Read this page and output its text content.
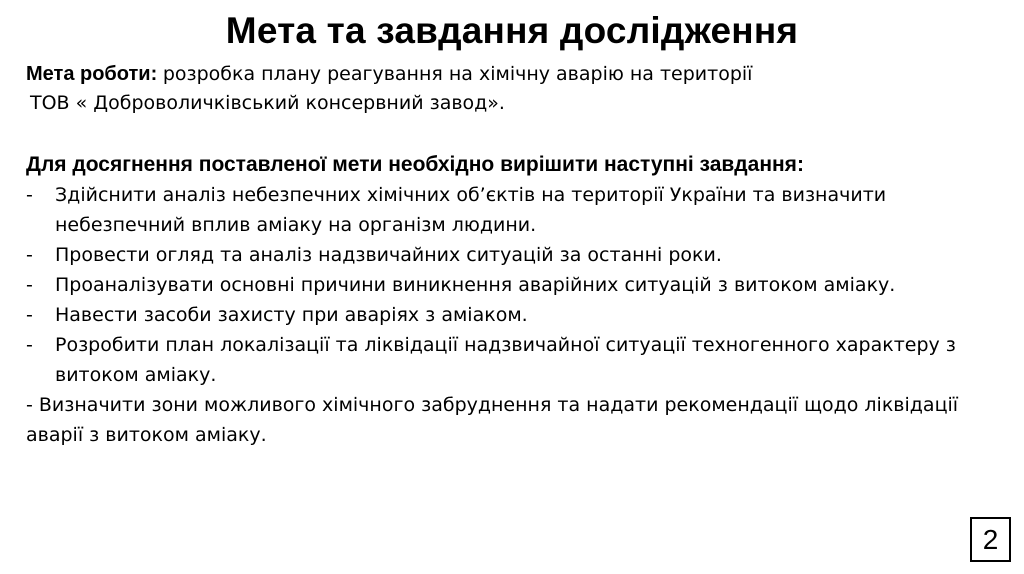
Мета та завдання дослідження
Мета роботи: розробка плану реагування на хімічну аварію на території
ТОВ « Доброволичківський консервний завод».
Для досягнення поставленої мети необхідно вирішити наступні завдання:
-	Здійснити аналіз небезпечних хімічних об’єктів на території України та визначити небезпечний вплив аміаку на організм людини.
-	Провести огляд та аналіз надзвичайних ситуацій за останні роки.
-	Проаналізувати основні причини виникнення аварійних ситуацій з витоком аміаку.
-	Навести засоби захисту при аваріях з аміаком.
-	Розробити план локалізації та ліквідації надзвичайної ситуації техногенного характеру з витоком аміаку.
- Визначити зони можливого хімічного забруднення та надати рекомендації щодо ліквідації аварії з витоком аміаку.
2
